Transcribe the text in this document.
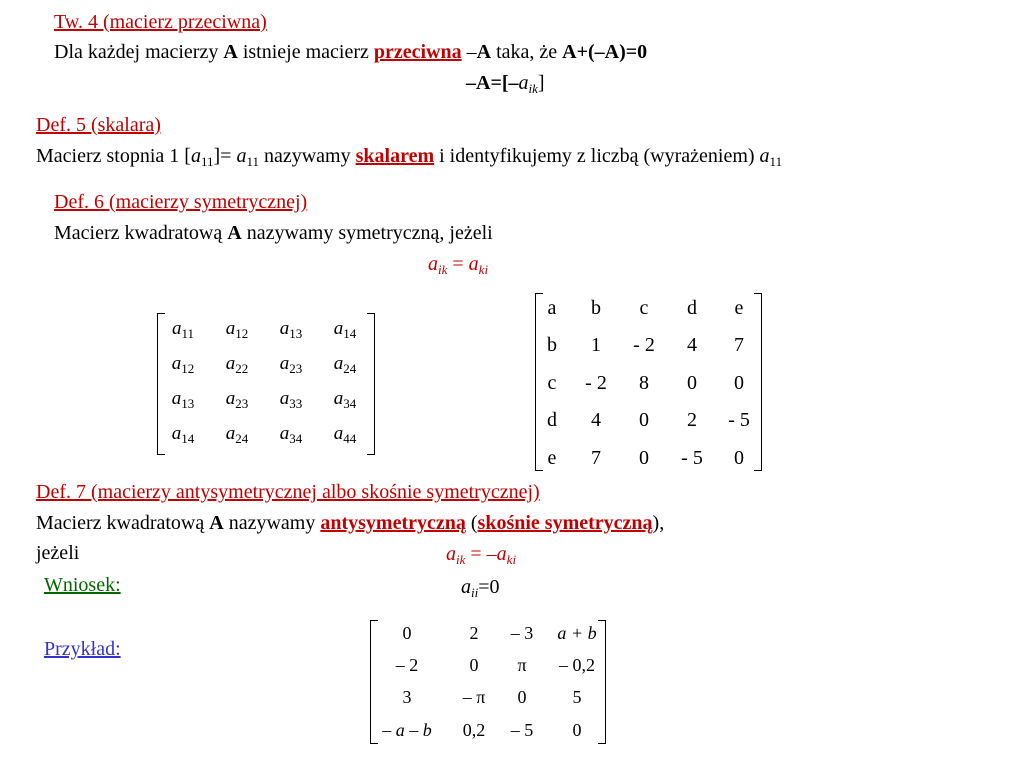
Tw. 4 (macierz przeciwna)
Dla każdej macierzy A istnieje macierz przeciwna –A taka, że A+(–A)=0
$-A=[-a_{ik}]$
Def. 5 (skalara)
Macierz stopnia 1 $[a_{11}]= a_{11}$ nazywamy skalarem i identyfikujemy z liczbą (wyrażeniem) $a_{11}$
Def. 6 (macierzy symetrycznej)
Macierz kwadratową A nazywamy symetryczną, jeżeli
$a_{ik} = a_{ki}$
$a_{11}$	$a_{12}$	$a_{13}$	$a_{14}$
$a_{12}$	$a_{22}$	$a_{23}$	$a_{24}$
$a_{13}$	$a_{23}$	$a_{33}$	$a_{34}$
$a_{14}$	$a_{24}$	$a_{34}$	$a_{44}$
a	b	c	d	e
b	1	- 2	4	7
c	- 2	8	0	0
d	4	0	2	- 5
e	7	0	- 5	0
Def. 7 (macierzy antysymetrycznej albo skośnie symetrycznej)
Macierz kwadratową A nazywamy antysymetryczną (skośnie symetryczną),
jeżeli	$a_{ik} = -a_{ki}$
Wniosek:	$a_{ii}=0$
Przykład:
0	2	– 3	a + b
– 2	0	π	– 0,2
3	– π	0	5
– a – b	0,2	– 5	0
